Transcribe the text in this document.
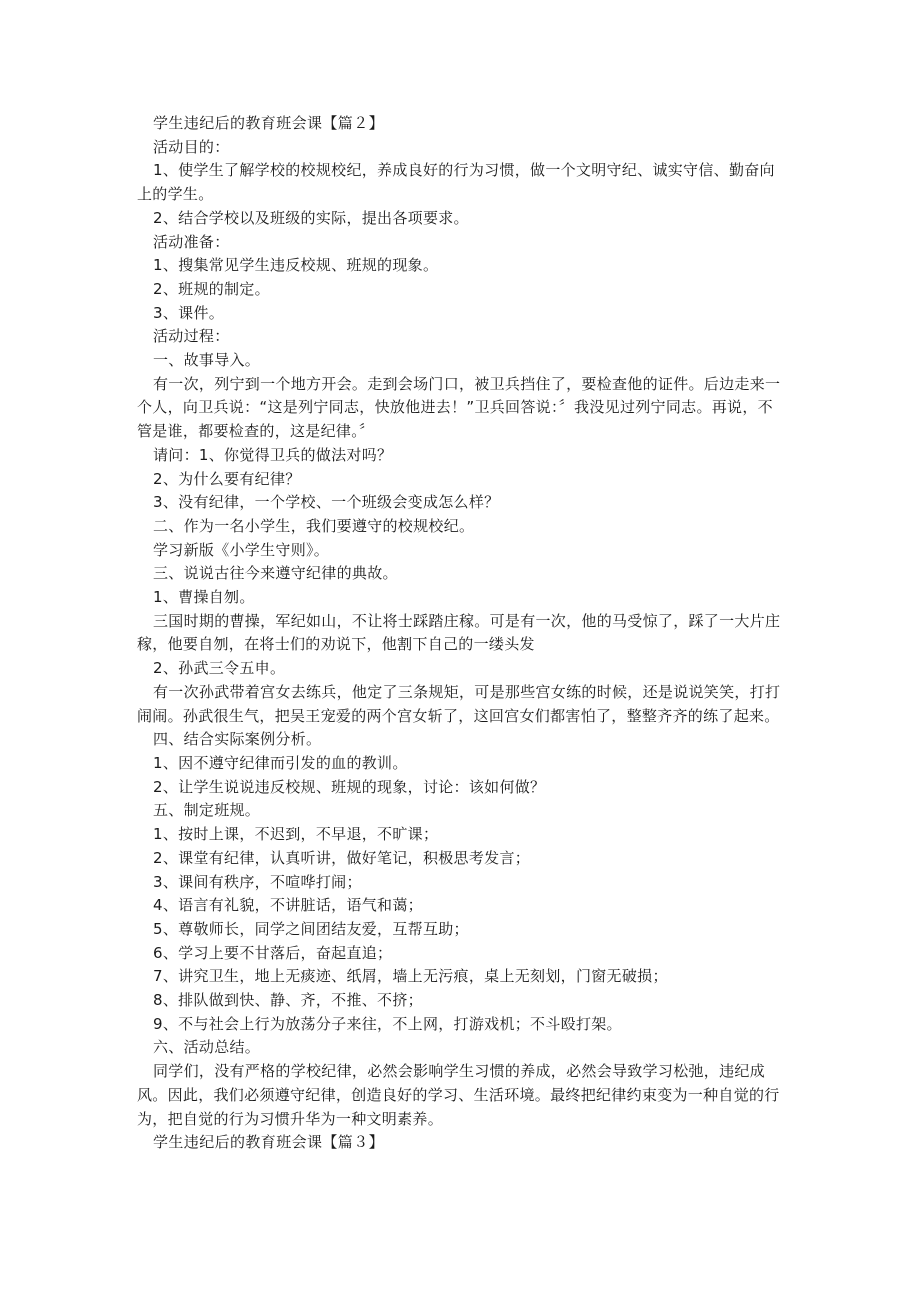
学生违纪后的教育班会课【篇２】

活动目的：

1、使学生了解学校的校规校纪，养成良好的行为习惯，做一个文明守纪、诚实守信、勤奋向上的学生。

2、结合学校以及班级的实际，提出各项要求。

活动准备：

1、搜集常见学生违反校规、班规的现象。

2、班规的制定。

3、课件。

活动过程：

一、故事导入。

有一次，列宁到一个地方开会。走到会场门口，被卫兵挡住了，要检查他的证件。后边走来一个人，向卫兵说：“这是列宁同志，快放他进去！”卫兵回答说：〞我没见过列宁同志。再说，不管是谁，都要检查的，这是纪律。〞

请问：1、你觉得卫兵的做法对吗？

2、为什么要有纪律？

3、没有纪律，一个学校、一个班级会变成怎么样？

二、作为一名小学生，我们要遵守的校规校纪。

学习新版《小学生守则》。

三、说说古往今来遵守纪律的典故。

1、曹操自刎。

三国时期的曹操，军纪如山，不让将士踩踏庄稼。可是有一次，他的马受惊了，踩了一大片庄稼，他要自刎，在将士们的劝说下，他割下自己的一缕头发

2、孙武三令五申。

有一次孙武带着宫女去练兵，他定了三条规矩，可是那些宫女练的时候，还是说说笑笑，打打闹闹。孙武很生气，把吴王宠爱的两个宫女斩了，这回宫女们都害怕了，整整齐齐的练了起来。

四、结合实际案例分析。

1、因不遵守纪律而引发的血的教训。

2、让学生说说违反校规、班规的现象，讨论：该如何做？

五、制定班规。

1、按时上课，不迟到，不早退，不旷课；

2、课堂有纪律，认真听讲，做好笔记，积极思考发言；

3、课间有秩序，不喧哗打闹；

4、语言有礼貌，不讲脏话，语气和蔼；

5、尊敬师长，同学之间团结友爱，互帮互助；

6、学习上要不甘落后，奋起直追；

7、讲究卫生，地上无痰迹、纸屑，墙上无污痕，桌上无刻划，门窗无破损；

8、排队做到快、静、齐，不推、不挤；

9、不与社会上行为放荡分子来往，不上网，打游戏机；不斗殴打架。

六、活动总结。

同学们，没有严格的学校纪律，必然会影响学生习惯的养成，必然会导致学习松弛，违纪成风。因此，我们必须遵守纪律，创造良好的学习、生活环境。最终把纪律约束变为一种自觉的行为，把自觉的行为习惯升华为一种文明素养。

学生违纪后的教育班会课【篇３】
